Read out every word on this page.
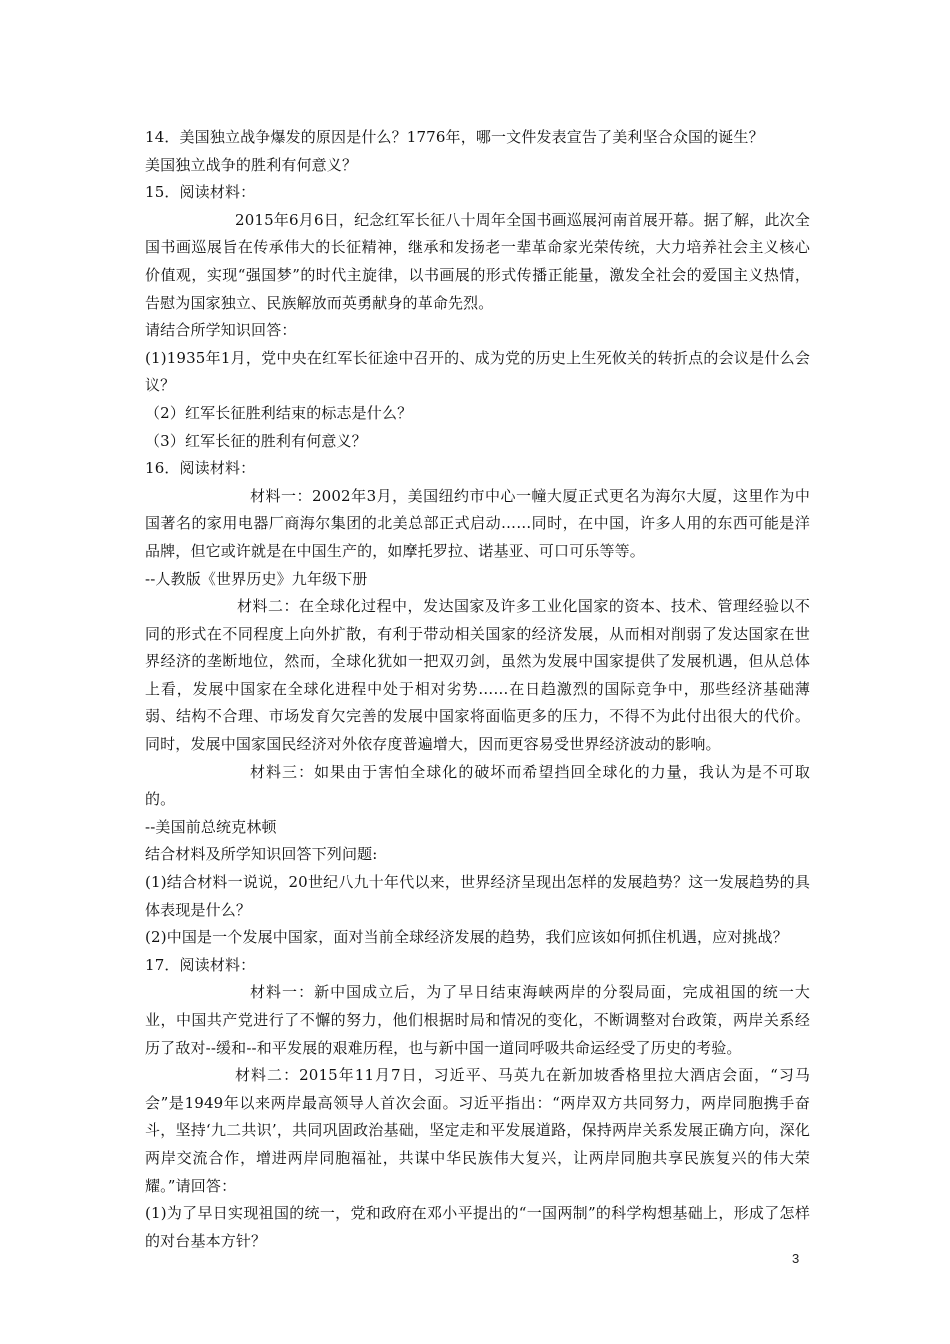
14．美国独立战争爆发的原因是什么？1776年，哪一文件发表宣告了美利坚合众国的诞生？

美国独立战争的胜利有何意义？

15．阅读材料：

2015年6月6日，纪念红军长征八十周年全国书画巡展河南首展开幕。据了解，此次全国书画巡展旨在传承伟大的长征精神，继承和发扬老一辈革命家光荣传统，大力培养社会主义核心价值观，实现“强国梦”的时代主旋律，以书画展的形式传播正能量，激发全社会的爱国主义热情，告慰为国家独立、民族解放而英勇献身的革命先烈。

请结合所学知识回答：

(1)1935年1月，党中央在红军长征途中召开的、成为党的历史上生死攸关的转折点的会议是什么会议？

（2）红军长征胜利结束的标志是什么？

（3）红军长征的胜利有何意义？

16．阅读材料：

材料一：2002年3月，美国纽约市中心一幢大厦正式更名为海尔大厦，这里作为中国著名的家用电器厂商海尔集团的北美总部正式启动……同时，在中国，许多人用的东西可能是洋品牌，但它或许就是在中国生产的，如摩托罗拉、诺基亚、可口可乐等等。

--人教版《世界历史》九年级下册

材料二：在全球化过程中，发达国家及许多工业化国家的资本、技术、管理经验以不同的形式在不同程度上向外扩散，有利于带动相关国家的经济发展，从而相对削弱了发达国家在世界经济的垄断地位，然而，全球化犹如一把双刃剑，虽然为发展中国家提供了发展机遇，但从总体上看，发展中国家在全球化进程中处于相对劣势……在日趋激烈的国际竞争中，那些经济基础薄弱、结构不合理、市场发育欠完善的发展中国家将面临更多的压力，不得不为此付出很大的代价。同时，发展中国家国民经济对外依存度普遍增大，因而更容易受世界经济波动的影响。

材料三：如果由于害怕全球化的破坏而希望挡回全球化的力量，我认为是不可取的。

--美国前总统克林顿

结合材料及所学知识回答下列问题:

(1)结合材料一说说，20世纪八九十年代以来，世界经济呈现出怎样的发展趋势？这一发展趋势的具体表现是什么？

(2)中国是一个发展中国家，面对当前全球经济发展的趋势，我们应该如何抓住机遇，应对挑战？

17．阅读材料：

材料一：新中国成立后，为了早日结束海峡两岸的分裂局面，完成祖国的统一大业，中国共产党进行了不懈的努力，他们根据时局和情况的变化，不断调整对台政策，两岸关系经历了敌对--缓和--和平发展的艰难历程，也与新中国一道同呼吸共命运经受了历史的考验。

材料二：2015年11月7日，习近平、马英九在新加坡香格里拉大酒店会面，“习马会”是1949年以来两岸最高领导人首次会面。习近平指出：“两岸双方共同努力，两岸同胞携手奋斗，坚持‘九二共识’，共同巩固政治基础，坚定走和平发展道路，保持两岸关系发展正确方向，深化两岸交流合作，增进两岸同胞福祉，共谋中华民族伟大复兴，让两岸同胞共享民族复兴的伟大荣耀。”请回答：

(1)为了早日实现祖国的统一，党和政府在邓小平提出的“一国两制”的科学构想基础上，形成了怎样的对台基本方针？

3
